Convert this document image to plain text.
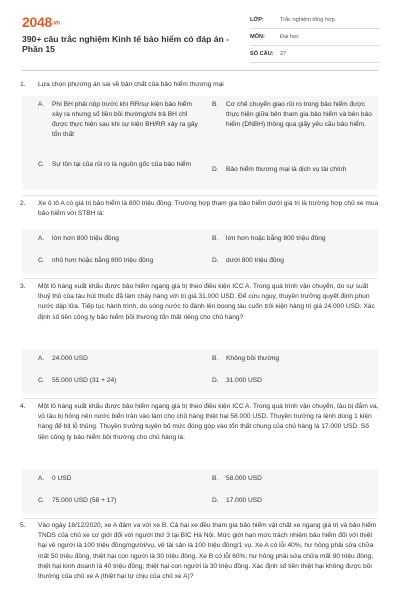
2048.vn
390+ câu trắc nghiệm Kinh tế bảo hiểm có đáp án - Phần 15
LỚP:	Trắc nghiệm tổng hợp
MÔN:	Đại học
SỐ CÂU:	27
1.	Lựa chọn phương án sai về bản chất của bảo hiểm thương mại
A. Phí BH phải nộp trước khi RR/sự kiện bảo hiểm xảy ra nhưng số tiền bồi thường/chi trả BH chỉ được thực hiện sau khi sự kiện BH/RR xảy ra gây tổn thất
B. Cơ chế chuyển giao rủi ro trong bảo hiểm được thực hiện giữa bên tham gia bảo hiểm và bên bảo hiểm (DNBH) thông qua giấy yêu cầu bảo hiểm.
C. Sự tồn tại của rủi ro là nguồn gốc của bảo hiểm
D. Bảo hiểm thương mại là dịch vụ tài chính
2.	Xe ô tô A có giá trị bảo hiểm là 800 triệu đồng. Trường hợp tham gia bảo hiểm dưới giá trị là trường hợp chủ xe mua bảo hiểm với STBH là:
A. lớn hơn 800 triệu đồng	B. lớn hơn hoặc bằng 800 triệu đồng
C. nhỏ hơn hoặc bằng 800 triệu đồng	D. dưới 800 triệu đồng
3.	Một lô hàng xuất khẩu được bảo hiểm ngang giá trị theo điều kiện ICC A. Trong quá trình vận chuyển, do sự suất thuỷ thủ của tàu hút thuốc đã làm cháy hàng với trị giá 31.000 USD. Để cứu nguy, thuyền trưởng quyết định phun nước dập lửa. Tiếp tục hành trình, do sóng nước to đánh lên boong tàu cuốn trôi kiện hàng trị giá 24.000 USD. Xác định số tiền công ty bảo hiểm bồi thường tổn thất riêng cho chủ hàng?
A. 24.000 USD	B. Không bồi thường
C. 55.000 USD (31 + 24)	D. 31.000 USD
4.	Một lô hàng xuất khẩu được bảo hiểm ngang giá trị theo điều kiện ICC A. Trong quá trình vận chuyển, tàu bị đắm va, vỏ tàu bị hỏng nên nước biển tràn vào làm cho chủ hàng thiệt hại 58.000 USD. Thuyền trưởng ra lệnh dùng 1 kiện hàng để bịt lỗ thủng. Thuyền trưởng tuyên bố mức đóng góp vào tổn thất chung của chủ hàng là 17.000 USD. Số tiền công ty bảo hiểm bồi thường cho chủ hàng là:
A. 0 USD	B. 58.000 USD
C. 75.000 USD (58 + 17)	D. 17.000 USD
5.	Vào ngày 18/12/2020, xe A đâm va với xe B. Cả hai xe đều tham gia bảo hiểm vật chất xe ngang giá trị và bảo hiểm TNDS của chủ xe cơ giới đối với người thứ 3 tại BIC Hà Nội. Mức giới hạn mức trách nhiệm bảo hiểm đối với thiệt hại về người là 100 triệu đồng/người/vụ, về tài sản là 100 triệu đồng/1 vụ. Xe A có lỗi 40%, hư hỏng phải sửa chữa mất 50 triệu đồng, thiệt hại con người là 30 triệu đồng. Xe B có lỗi 60%; hư hỏng phải sửa chữa mất 90 triệu đồng; thiệt hại kinh doanh là 40 triệu đồng; thiệt hại con người là 30 triệu đồng. Xác định số tiền thiệt hại không được bồi thường của chủ xe A (thiệt hại tự chịu của chủ xe A)?
